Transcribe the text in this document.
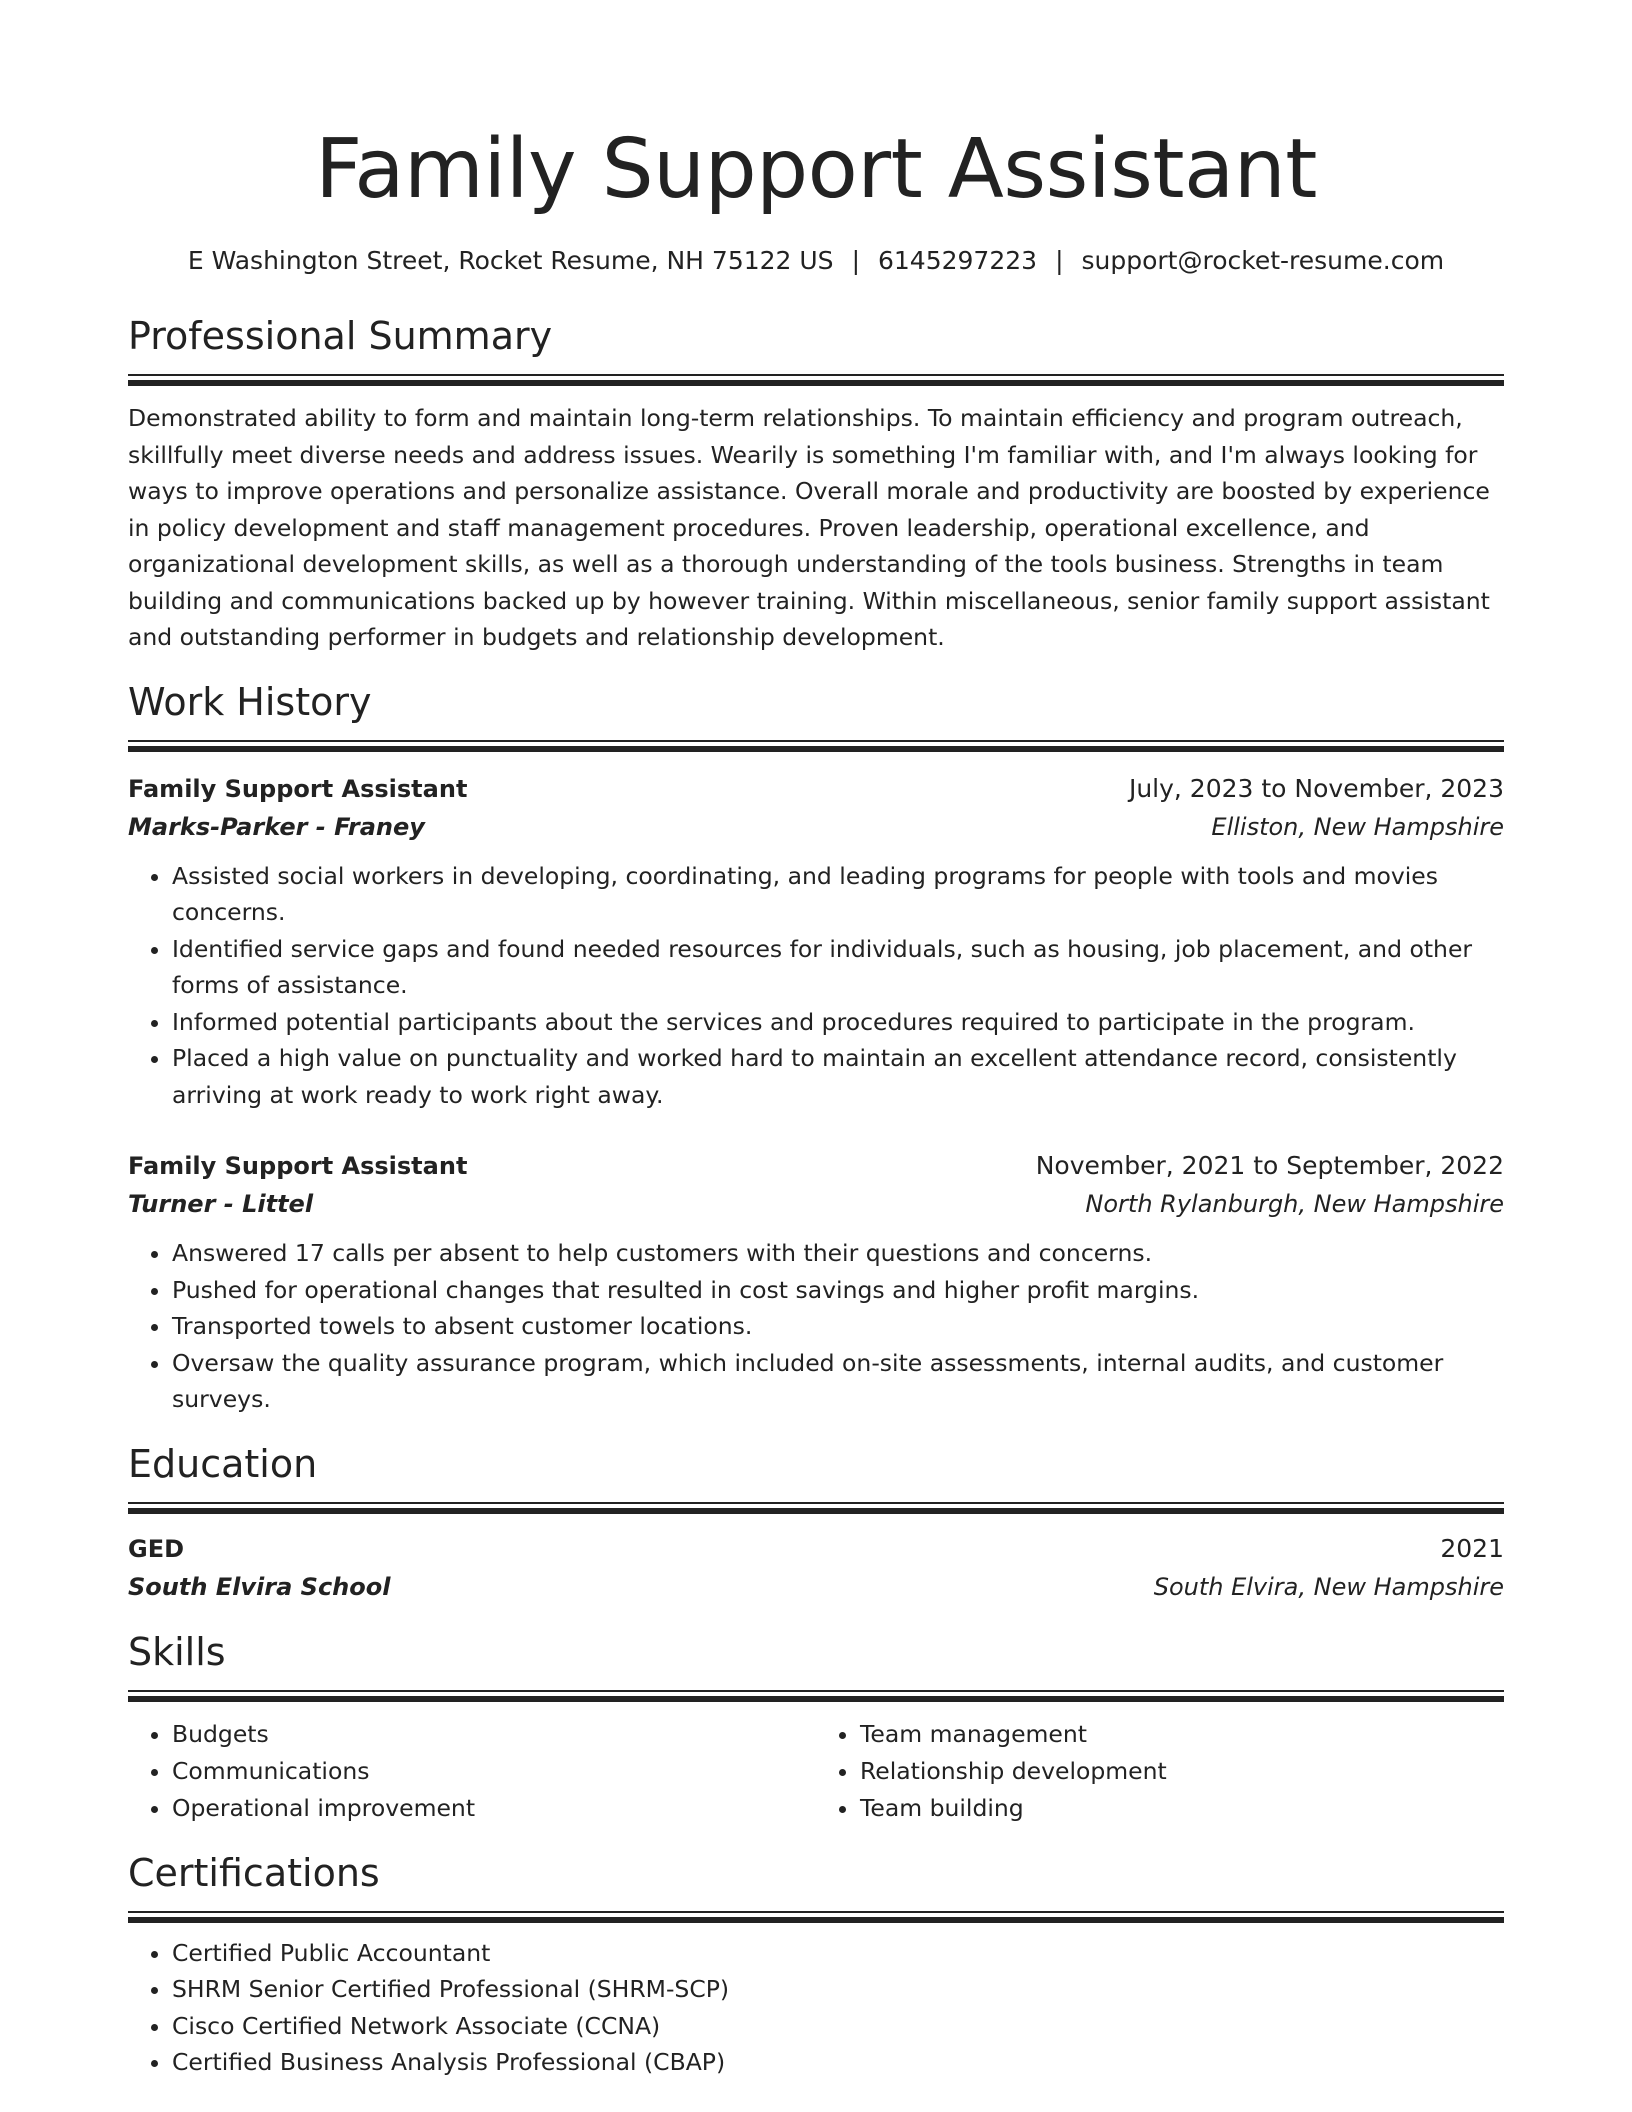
Family Support Assistant
E Washington Street, Rocket Resume, NH 75122 US | 6145297223 | support@rocket-resume.com
Professional Summary
Demonstrated ability to form and maintain long-term relationships. To maintain efficiency and program outreach, skillfully meet diverse needs and address issues. Wearily is something I'm familiar with, and I'm always looking for ways to improve operations and personalize assistance. Overall morale and productivity are boosted by experience in policy development and staff management procedures. Proven leadership, operational excellence, and organizational development skills, as well as a thorough understanding of the tools business. Strengths in team building and communications backed up by however training. Within miscellaneous, senior family support assistant and outstanding performer in budgets and relationship development.
Work History
Family Support Assistant	July, 2023 to November, 2023
Marks-Parker - Franey	Elliston, New Hampshire
• Assisted social workers in developing, coordinating, and leading programs for people with tools and movies concerns.
• Identified service gaps and found needed resources for individuals, such as housing, job placement, and other forms of assistance.
• Informed potential participants about the services and procedures required to participate in the program.
• Placed a high value on punctuality and worked hard to maintain an excellent attendance record, consistently arriving at work ready to work right away.
Family Support Assistant	November, 2021 to September, 2022
Turner - Littel	North Rylanburgh, New Hampshire
• Answered 17 calls per absent to help customers with their questions and concerns.
• Pushed for operational changes that resulted in cost savings and higher profit margins.
• Transported towels to absent customer locations.
• Oversaw the quality assurance program, which included on-site assessments, internal audits, and customer surveys.
Education
GED	2021
South Elvira School	South Elvira, New Hampshire
Skills
• Budgets
• Communications
• Operational improvement
• Team management
• Relationship development
• Team building
Certifications
• Certified Public Accountant
• SHRM Senior Certified Professional (SHRM-SCP)
• Cisco Certified Network Associate (CCNA)
• Certified Business Analysis Professional (CBAP)
